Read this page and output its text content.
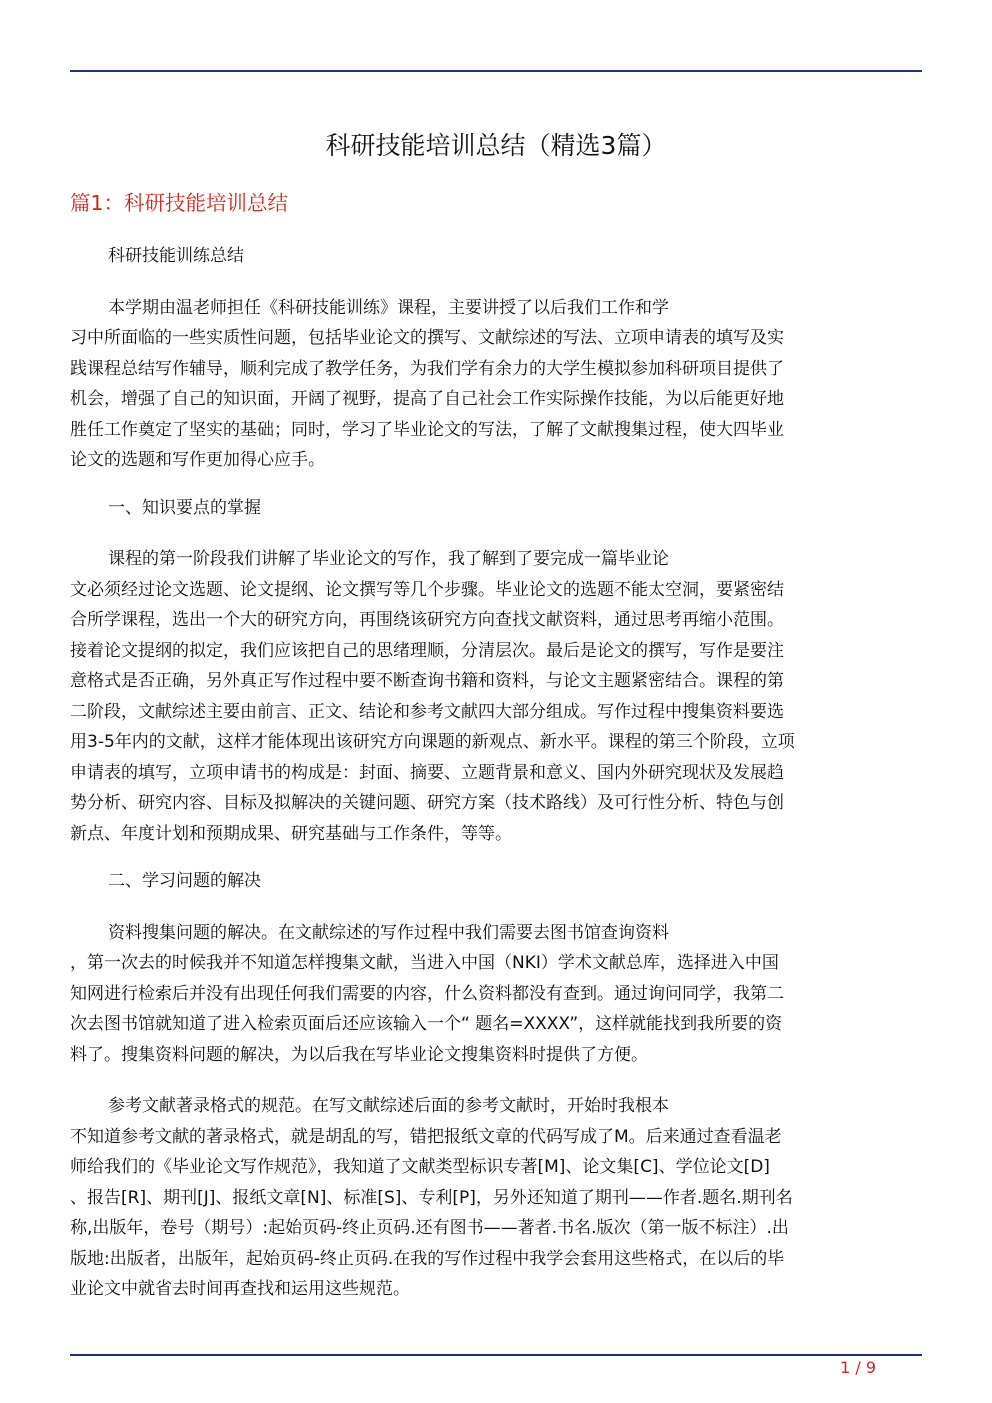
科研技能培训总结（精选3篇）
篇1：科研技能培训总结

科研技能训练总结

本学期由温老师担任《科研技能训练》课程，主要讲授了以后我们工作和学
习中所面临的一些实质性问题，包括毕业论文的撰写、文献综述的写法、立项申请表的填写及实
践课程总结写作辅导，顺利完成了教学任务，为我们学有余力的大学生模拟参加科研项目提供了
机会，增强了自己的知识面，开阔了视野，提高了自己社会工作实际操作技能，为以后能更好地
胜任工作奠定了坚实的基础；同时，学习了毕业论文的写法，了解了文献搜集过程，使大四毕业
论文的选题和写作更加得心应手。

一、知识要点的掌握

课程的第一阶段我们讲解了毕业论文的写作，我了解到了要完成一篇毕业论
文必须经过论文选题、论文提纲、论文撰写等几个步骤。毕业论文的选题不能太空洞，要紧密结
合所学课程，选出一个大的研究方向，再围绕该研究方向查找文献资料，通过思考再缩小范围。
接着论文提纲的拟定，我们应该把自己的思绪理顺，分清层次。最后是论文的撰写，写作是要注
意格式是否正确，另外真正写作过程中要不断查询书籍和资料，与论文主题紧密结合。课程的第
二阶段，文献综述主要由前言、正文、结论和参考文献四大部分组成。写作过程中搜集资料要选
用3-5年内的文献，这样才能体现出该研究方向课题的新观点、新水平。课程的第三个阶段，立项
申请表的填写，立项申请书的构成是：封面、摘要、立题背景和意义、国内外研究现状及发展趋
势分析、研究内容、目标及拟解决的关键问题、研究方案（技术路线）及可行性分析、特色与创
新点、年度计划和预期成果、研究基础与工作条件，等等。

二、学习问题的解决

资料搜集问题的解决。在文献综述的写作过程中我们需要去图书馆查询资料
，第一次去的时候我并不知道怎样搜集文献，当进入中国（NKI）学术文献总库，选择进入中国
知网进行检索后并没有出现任何我们需要的内容，什么资料都没有查到。通过询问同学，我第二
次去图书馆就知道了进入检索页面后还应该输入一个“ 题名=XXXX”，这样就能找到我所要的资
料了。搜集资料问题的解决，为以后我在写毕业论文搜集资料时提供了方便。

参考文献著录格式的规范。在写文献综述后面的参考文献时，开始时我根本
不知道参考文献的著录格式，就是胡乱的写，错把报纸文章的代码写成了M。后来通过查看温老
师给我们的《毕业论文写作规范》，我知道了文献类型标识专著[M]、论文集[C]、学位论文[D]
、报告[R]、期刊[J]、报纸文章[N]、标准[S]、专利[P]，另外还知道了期刊——作者.题名.期刊名
称,出版年，卷号（期号）:起始页码-终止页码.还有图书——著者.书名.版次（第一版不标注）.出
版地:出版者，出版年，起始页码-终止页码.在我的写作过程中我学会套用这些格式，在以后的毕
业论文中就省去时间再查找和运用这些规范。

1 / 9
